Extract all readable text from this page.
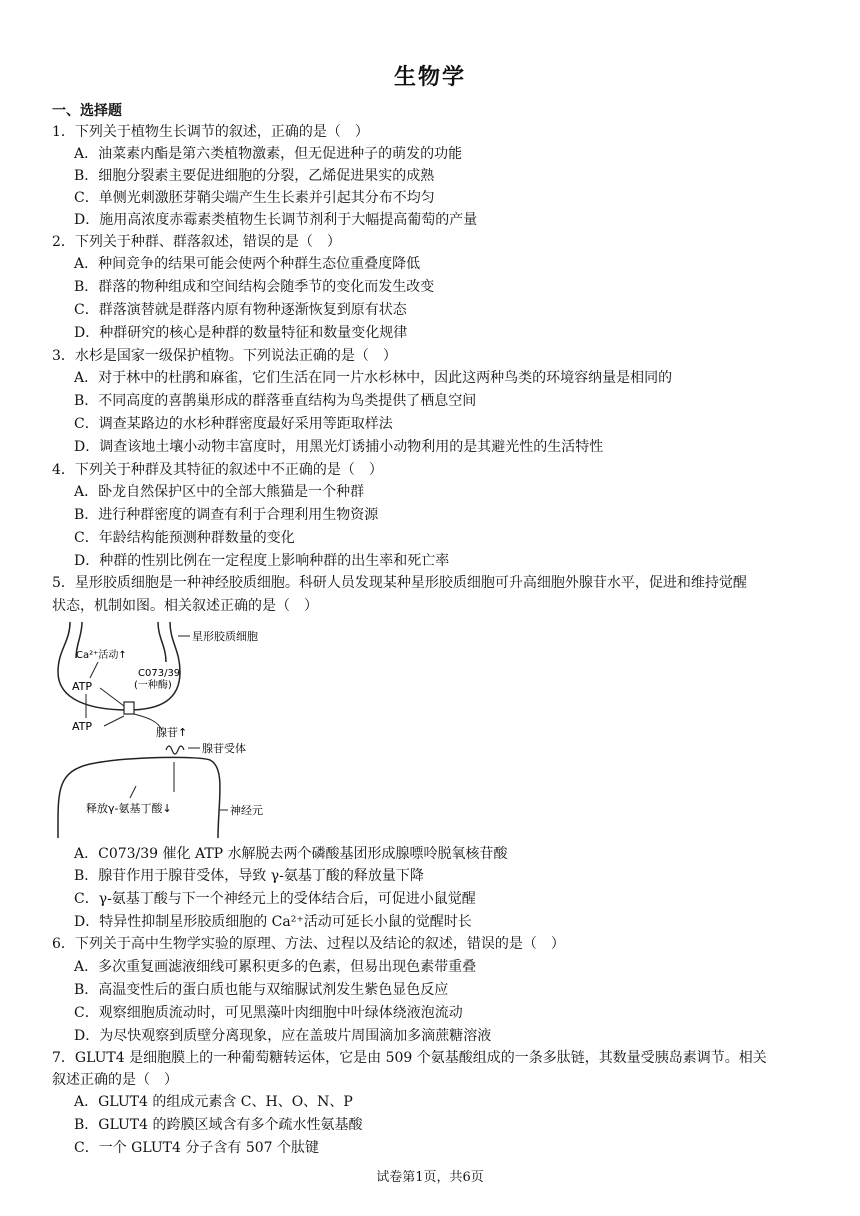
生物学
一、选择题
1．下列关于植物生长调节的叙述，正确的是（　）
A．油菜素内酯是第六类植物激素，但无促进种子的萌发的功能
B．细胞分裂素主要促进细胞的分裂，乙烯促进果实的成熟
C．单侧光刺激胚芽鞘尖端产生生长素并引起其分布不均匀
D．施用高浓度赤霉素类植物生长调节剂利于大幅提高葡萄的产量
2．下列关于种群、群落叙述，错误的是（　）
A．种间竞争的结果可能会使两个种群生态位重叠度降低
B．群落的物种组成和空间结构会随季节的变化而发生改变
C．群落演替就是群落内原有物种逐渐恢复到原有状态
D．种群研究的核心是种群的数量特征和数量变化规律
3．水杉是国家一级保护植物。下列说法正确的是（　）
A．对于林中的杜鹃和麻雀，它们生活在同一片水杉林中，因此这两种鸟类的环境容纳量是相同的
B．不同高度的喜鹊巢形成的群落垂直结构为鸟类提供了栖息空间
C．调查某路边的水杉种群密度最好采用等距取样法
D．调查该地土壤小动物丰富度时，用黑光灯诱捕小动物利用的是其避光性的生活特性
4．下列关于种群及其特征的叙述中不正确的是（　）
A．卧龙自然保护区中的全部大熊猫是一个种群
B．进行种群密度的调查有利于合理利用生物资源
C．年龄结构能预测种群数量的变化
D．种群的性别比例在一定程度上影响种群的出生率和死亡率
5．星形胶质细胞是一种神经胶质细胞。科研人员发现某种星形胶质细胞可升高细胞外腺苷水平，促进和维持觉醒
状态，机制如图。相关叙述正确的是（　）
星形胶质细胞
Ca²⁺活动↑
ATP
C073/39
(一种酶)
ATP	腺苷↑
腺苷受体
释放γ-氨基丁酸↓	神经元
A．C073/39 催化 ATP 水解脱去两个磷酸基团形成腺嘌呤脱氧核苷酸
B．腺苷作用于腺苷受体，导致 γ-氨基丁酸的释放量下降
C．γ-氨基丁酸与下一个神经元上的受体结合后，可促进小鼠觉醒
D．特异性抑制星形胶质细胞的 Ca²⁺活动可延长小鼠的觉醒时长
6．下列关于高中生物学实验的原理、方法、过程以及结论的叙述，错误的是（　）
A．多次重复画滤液细线可累积更多的色素，但易出现色素带重叠
B．高温变性后的蛋白质也能与双缩脲试剂发生紫色显色反应
C．观察细胞质流动时，可见黑藻叶肉细胞中叶绿体绕液泡流动
D．为尽快观察到质壁分离现象，应在盖玻片周围滴加多滴蔗糖溶液
7．GLUT4 是细胞膜上的一种葡萄糖转运体，它是由 509 个氨基酸组成的一条多肽链，其数量受胰岛素调节。相关
叙述正确的是（　）
A．GLUT4 的组成元素含 C、H、O、N、P
B．GLUT4 的跨膜区域含有多个疏水性氨基酸
C．一个 GLUT4 分子含有 507 个肽键
试卷第1页，共6页
